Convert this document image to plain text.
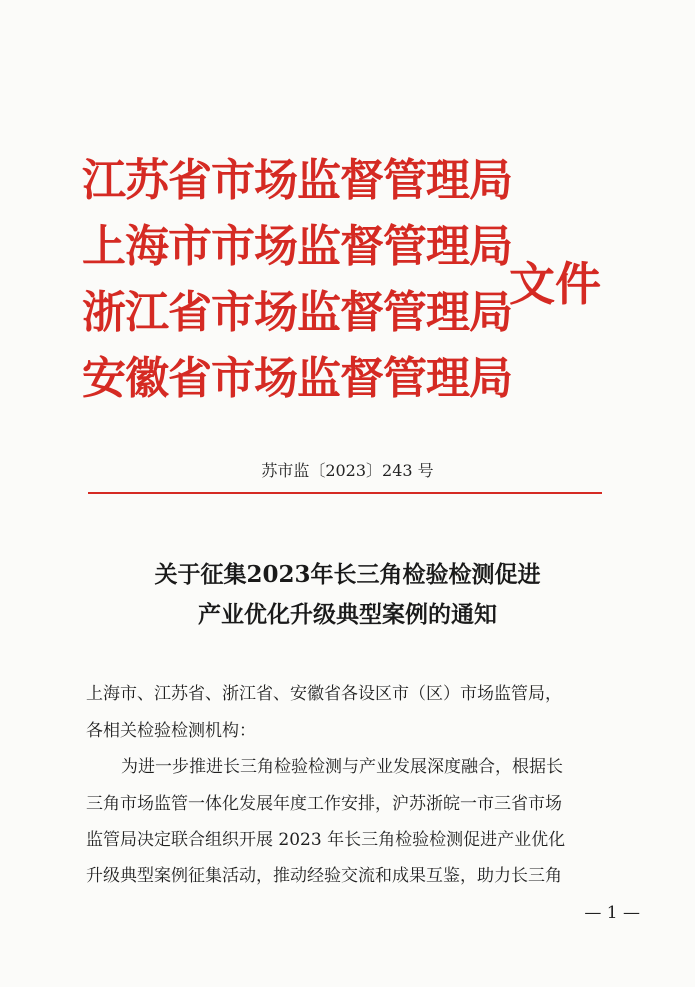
江苏省市场监督管理局
上海市市场监督管理局
浙江省市场监督管理局
安徽省市场监督管理局
文件
苏市监〔2023〕243 号
关于征集2023年长三角检验检测促进
产业优化升级典型案例的通知
上海市、江苏省、浙江省、安徽省各设区市（区）市场监管局，
各相关检验检测机构：
为进一步推进长三角检验检测与产业发展深度融合，根据长
三角市场监管一体化发展年度工作安排，沪苏浙皖一市三省市场
监管局决定联合组织开展 2023 年长三角检验检测促进产业优化
升级典型案例征集活动，推动经验交流和成果互鉴，助力长三角
— 1 —
